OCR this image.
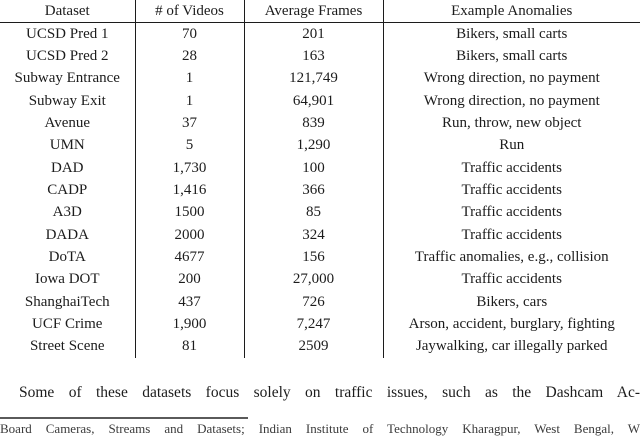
Dataset	# of Videos	Average Frames	Example Anomalies
UCSD Pred 1	70	201	Bikers, small carts
UCSD Pred 2	28	163	Bikers, small carts
Subway Entrance	1	121,749	Wrong direction, no payment
Subway Exit	1	64,901	Wrong direction, no payment
Avenue	37	839	Run, throw, new object
UMN	5	1,290	Run
DAD	1,730	100	Traffic accidents
CADP	1,416	366	Traffic accidents
A3D	1500	85	Traffic accidents
DADA	2000	324	Traffic accidents
DoTA	4677	156	Traffic anomalies, e.g., collision
Iowa DOT	200	27,000	Traffic accidents
ShanghaiTech	437	726	Bikers, cars
UCF Crime	1,900	7,247	Arson, accident, burglary, fighting
Street Scene	81	2509	Jaywalking, car illegally parked
Some of these datasets focus solely on traffic issues, such as the Dashcam Ac-
Board Cameras, Streams and Datasets; Indian Institute of Technology Kharagpur, West Bengal, W
